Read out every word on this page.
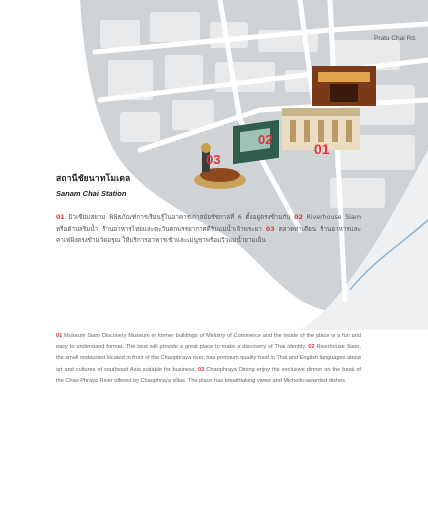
Pratu Chai Rd.
01
02
03
สถานีชัยนาทโมเดล
Sanam Chai Station
01 มิวเซียมสยาม พิพิธภัณฑ์การเรียนรู้ในอาคารเก่าสมัยรัชกาลที่ 6 ตั้งอยู่ตรงข้ามกับ 02 Riverhouse Siam หรือตำบลริมน้ำ ร้านอาหารไทยและตะวันตกบรรยากาศดีริมแม่น้ำเจ้าพระยา 03 ตลาดท่าเตียน ร้านอาหารและคาเฟ่ฝั่งตรงข้ามวัดอรุณ ให้บริการอาหารเช้าและเมนูชาพร้อมวิวแม่น้ำยามเย็น
01 Museum Siam Discovery Museum in former buildings of Ministry of Commerce and the inside of the place is a fun and easy to understand format. The best will provide a great place to make a discovery of Thai identity. 02 Riverhouse Siam, the small restaurant located in front of the Chaophraya river, has premium quality food in Thai and English languages about art and cultures of southeast Asia suitable for business. 03 Chaophraya Dining enjoy the exclusive dinner on the bank of the Chao Phraya River offered by Chaophraya villas. The place has breathtaking views and Michelin-awarded dishes.
